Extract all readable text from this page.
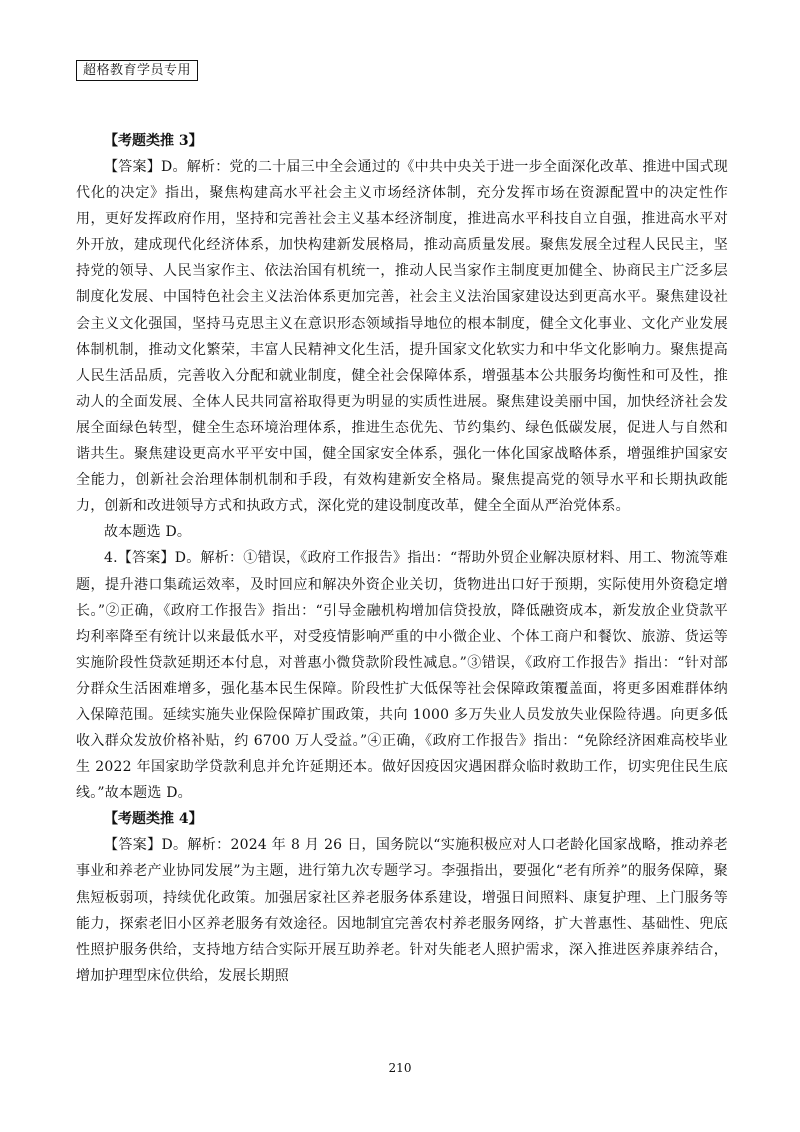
超格教育学员专用

【考题类推 3】

【答案】D。解析：党的二十届三中全会通过的《中共中央关于进一步全面深化改革、推进中国式现代化的决定》指出，聚焦构建高水平社会主义市场经济体制，充分发挥市场在资源配置中的决定性作用，更好发挥政府作用，坚持和完善社会主义基本经济制度，推进高水平科技自立自强，推进高水平对外开放，建成现代化经济体系，加快构建新发展格局，推动高质量发展。聚焦发展全过程人民民主，坚持党的领导、人民当家作主、依法治国有机统一，推动人民当家作主制度更加健全、协商民主广泛多层制度化发展、中国特色社会主义法治体系更加完善，社会主义法治国家建设达到更高水平。聚焦建设社会主义文化强国，坚持马克思主义在意识形态领域指导地位的根本制度，健全文化事业、文化产业发展体制机制，推动文化繁荣，丰富人民精神文化生活，提升国家文化软实力和中华文化影响力。聚焦提高人民生活品质，完善收入分配和就业制度，健全社会保障体系，增强基本公共服务均衡性和可及性，推动人的全面发展、全体人民共同富裕取得更为明显的实质性进展。聚焦建设美丽中国，加快经济社会发展全面绿色转型，健全生态环境治理体系，推进生态优先、节约集约、绿色低碳发展，促进人与自然和谐共生。聚焦建设更高水平平安中国，健全国家安全体系，强化一体化国家战略体系，增强维护国家安全能力，创新社会治理体制机制和手段，有效构建新安全格局。聚焦提高党的领导水平和长期执政能力，创新和改进领导方式和执政方式，深化党的建设制度改革，健全全面从严治党体系。

故本题选 D。

4.【答案】D。解析：①错误，《政府工作报告》指出：“帮助外贸企业解决原材料、用工、物流等难题，提升港口集疏运效率，及时回应和解决外资企业关切，货物进出口好于预期，实际使用外资稳定增长。”②正确，《政府工作报告》指出：“引导金融机构增加信贷投放，降低融资成本，新发放企业贷款平均利率降至有统计以来最低水平，对受疫情影响严重的中小微企业、个体工商户和餐饮、旅游、货运等实施阶段性贷款延期还本付息，对普惠小微贷款阶段性减息。”③错误，《政府工作报告》指出：“针对部分群众生活困难增多，强化基本民生保障。阶段性扩大低保等社会保障政策覆盖面，将更多困难群体纳入保障范围。延续实施失业保险保障扩围政策，共向 1000 多万失业人员发放失业保险待遇。向更多低收入群众发放价格补贴，约 6700 万人受益。”④正确，《政府工作报告》指出：“免除经济困难高校毕业生 2022 年国家助学贷款利息并允许延期还本。做好因疫因灾遇困群众临时救助工作，切实兜住民生底线。”故本题选 D。

【考题类推 4】

【答案】D。解析：2024 年 8 月 26 日，国务院以“实施积极应对人口老龄化国家战略，推动养老事业和养老产业协同发展”为主题，进行第九次专题学习。李强指出，要强化“老有所养”的服务保障，聚焦短板弱项，持续优化政策。加强居家社区养老服务体系建设，增强日间照料、康复护理、上门服务等能力，探索老旧小区养老服务有效途径。因地制宜完善农村养老服务网络，扩大普惠性、基础性、兜底性照护服务供给，支持地方结合实际开展互助养老。针对失能老人照护需求，深入推进医养康养结合，增加护理型床位供给，发展长期照

210
